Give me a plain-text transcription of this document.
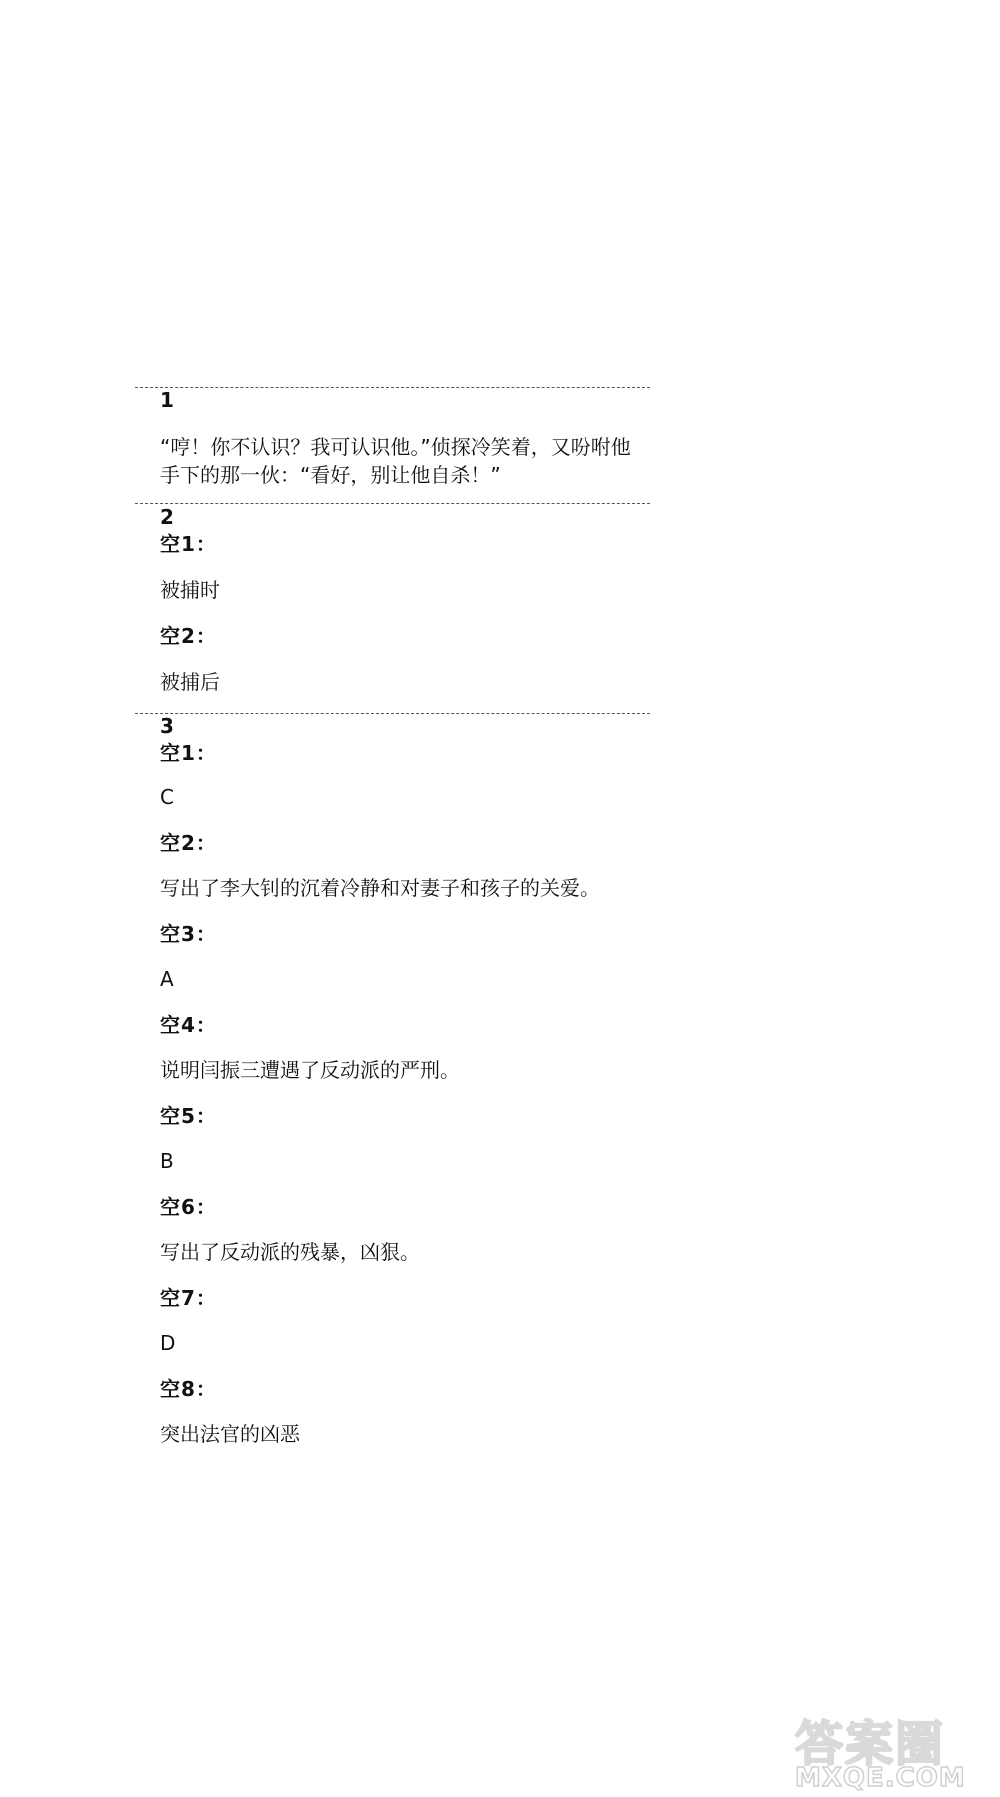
1
“哼！你不认识？我可认识他。”侦探冷笑着，又吩咐他
手下的那一伙：“看好，别让他自杀！”
2
空1：
被捕时
空2：
被捕后
3
空1：
C
空2：
写出了李大钊的沉着冷静和对妻子和孩子的关爱。
空3：
A
空4：
说明闫振三遭遇了反动派的严刑。
空5：
B
空6：
写出了反动派的残暴，凶狠。
空7：
D
空8：
突出法官的凶恶
答案圈
MXQE.COM
